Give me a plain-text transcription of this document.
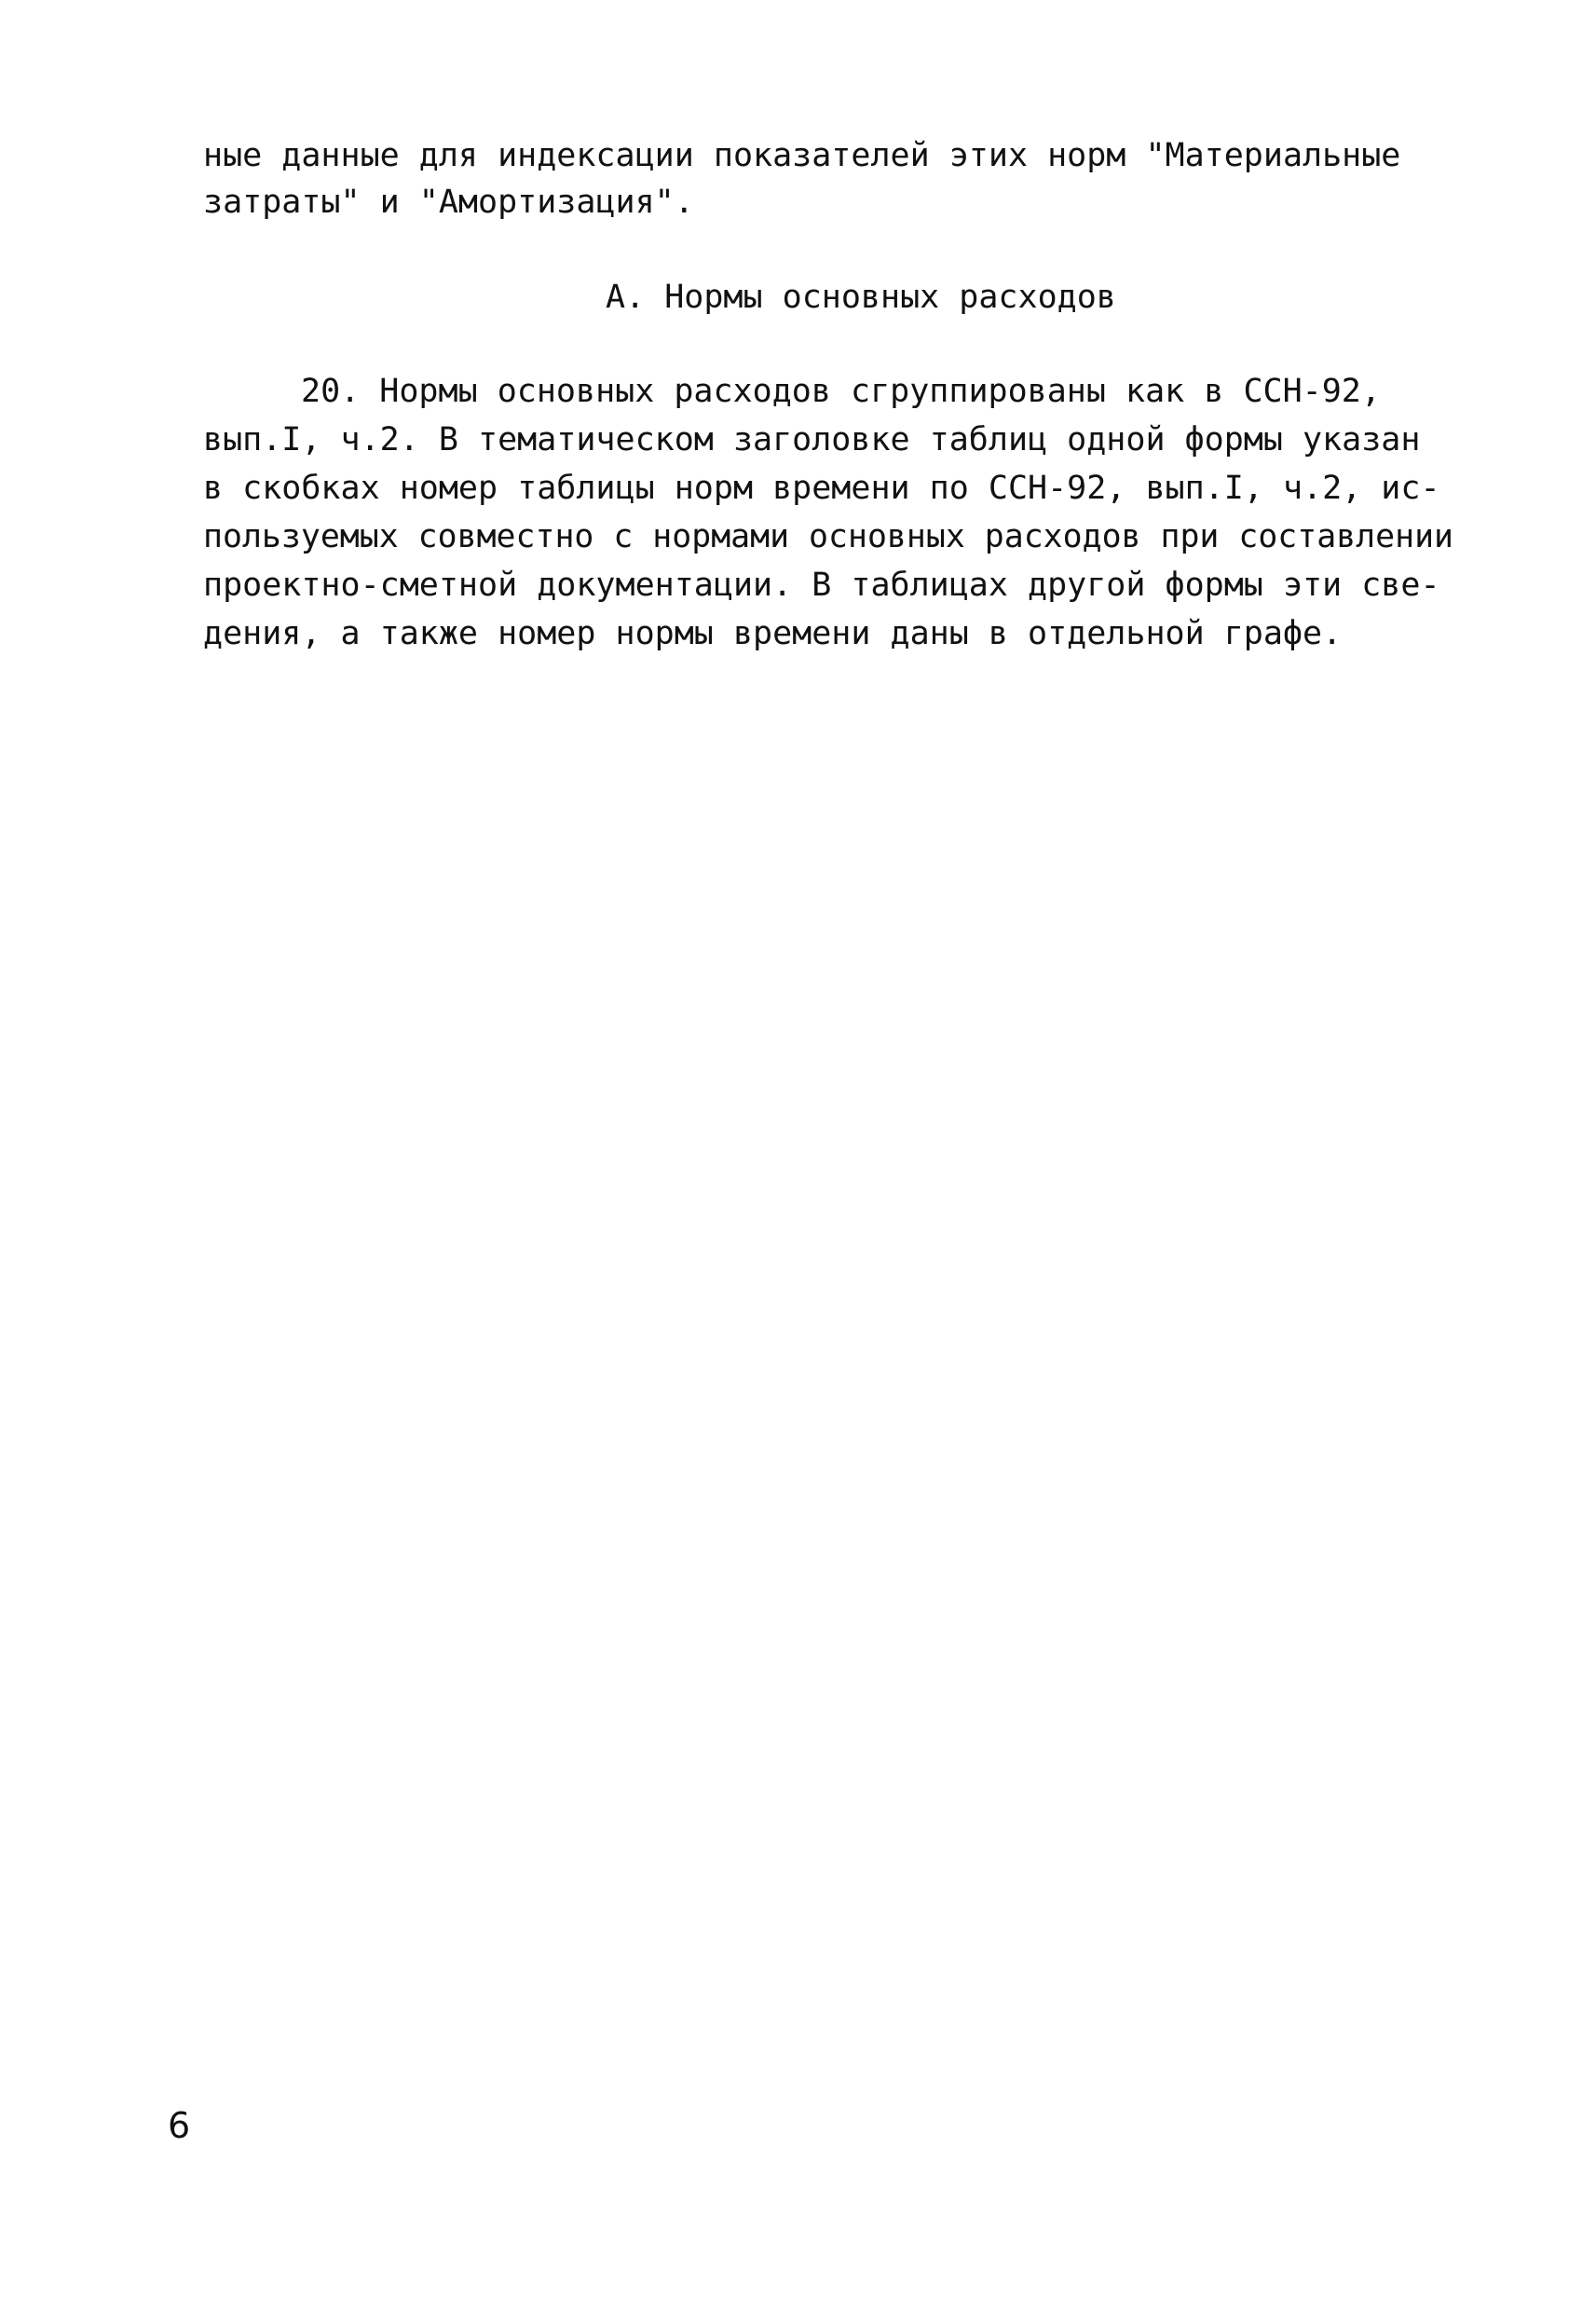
ные данные для индексации показателей этих норм "Материальные
затраты" и "Амортизация".
А. Нормы основных расходов
20. Нормы основных расходов сгруппированы как в ССН-92,
вып.I, ч.2. В тематическом заголовке таблиц одной формы указан
в скобках номер таблицы норм времени по ССН-92, вып.I, ч.2, ис-
пользуемых совместно с нормами основных расходов при составлении
проектно-сметной документации. В таблицах другой формы эти све-
дения, а также номер нормы времени даны в отдельной графе.
6
